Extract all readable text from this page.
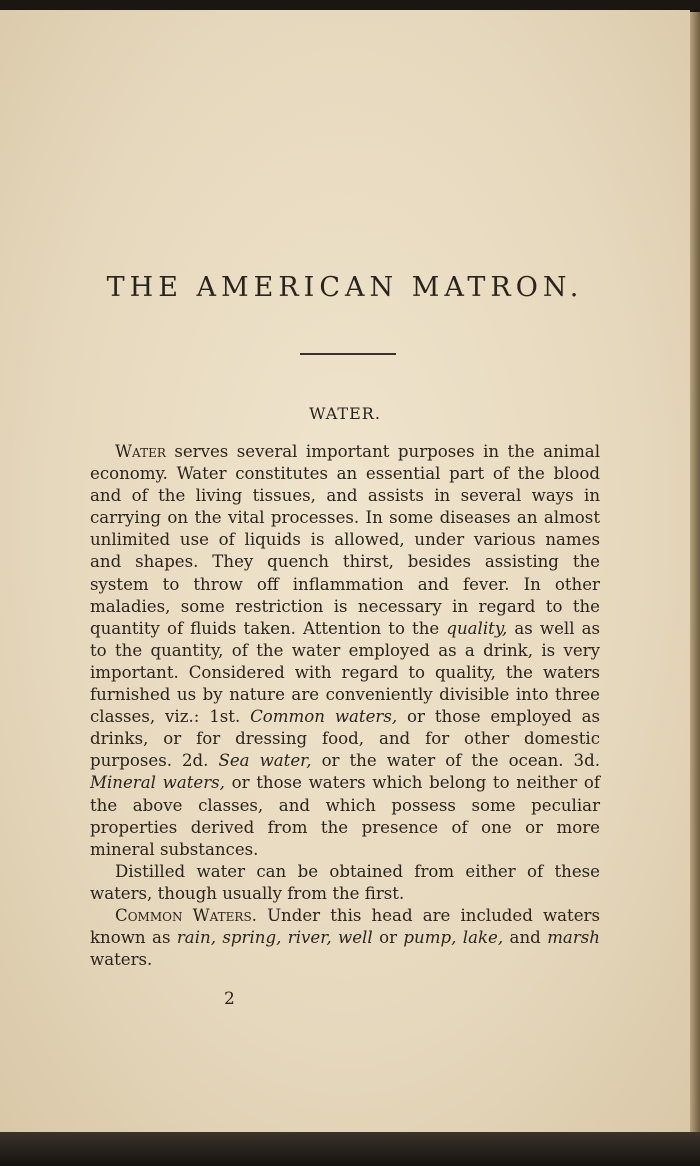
THE AMERICAN MATRON.
WATER.

Water serves several important purposes in the animal economy. Water constitutes an essential part of the blood and of the living tissues, and assists in several ways in carrying on the vital processes. In some diseases an almost unlimited use of liquids is allowed, under various names and shapes. They quench thirst, besides assisting the system to throw off inflammation and fever. In other maladies, some restriction is necessary in regard to the quantity of fluids taken. Attention to the quality, as well as to the quantity, of the water employed as a drink, is very important. Considered with regard to quality, the waters furnished us by nature are conveniently divisible into three classes, viz.: 1st. Common waters, or those employed as drinks, or for dressing food, and for other domestic purposes. 2d. Sea water, or the water of the ocean. 3d. Mineral waters, or those waters which belong to neither of the above classes, and which possess some peculiar properties derived from the presence of one or more mineral substances.

Distilled water can be obtained from either of these waters, though usually from the first.

Common Waters. Under this head are included waters known as rain, spring, river, well or pump, lake, and marsh waters.

2
